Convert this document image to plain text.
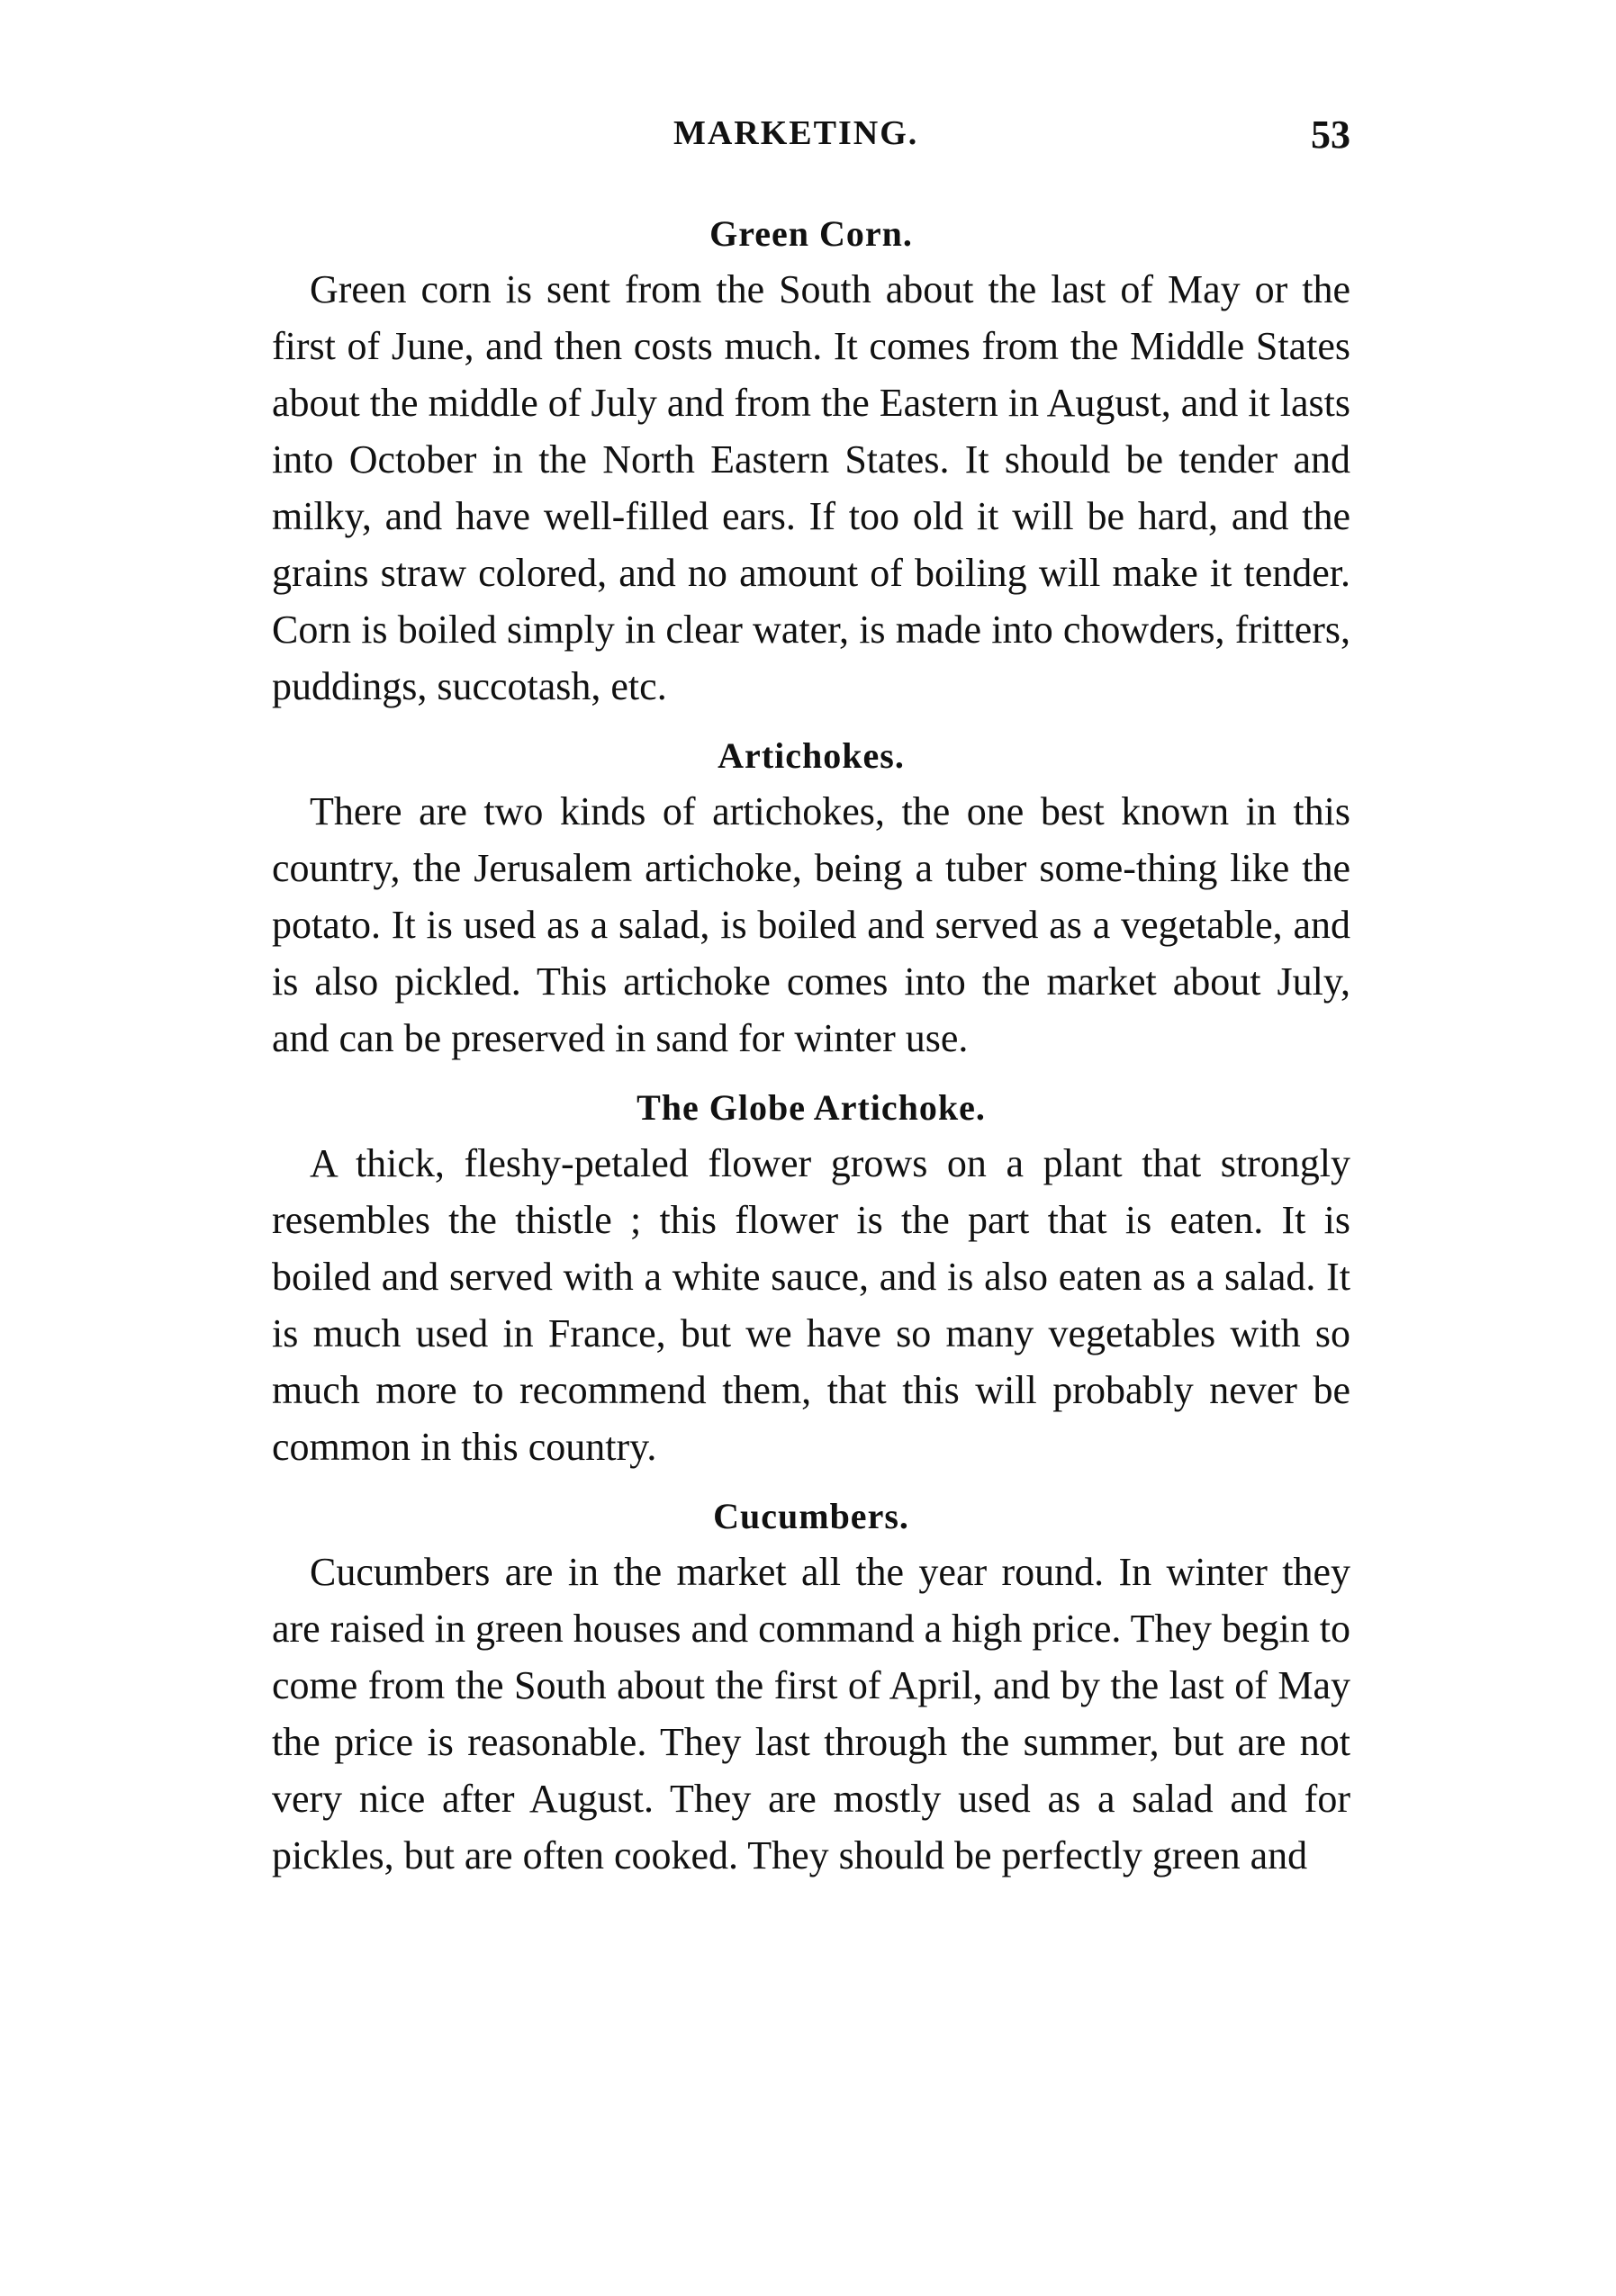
MARKETING.	53
Green Corn.

Green corn is sent from the South about the last of May or the first of June, and then costs much. It comes from the Middle States about the middle of July and from the Eastern in August, and it lasts into October in the North Eastern States. It should be tender and milky, and have well-filled ears. If too old it will be hard, and the grains straw colored, and no amount of boiling will make it tender. Corn is boiled simply in clear water, is made into chowders, fritters, puddings, succotash, etc.

Artichokes.

There are two kinds of artichokes, the one best known in this country, the Jerusalem artichoke, being a tuber some-thing like the potato. It is used as a salad, is boiled and served as a vegetable, and is also pickled. This artichoke comes into the market about July, and can be preserved in sand for winter use.

The Globe Artichoke.

A thick, fleshy-petaled flower grows on a plant that strongly resembles the thistle ; this flower is the part that is eaten. It is boiled and served with a white sauce, and is also eaten as a salad. It is much used in France, but we have so many vegetables with so much more to recommend them, that this will probably never be common in this country.

Cucumbers.

Cucumbers are in the market all the year round. In winter they are raised in green houses and command a high price. They begin to come from the South about the first of April, and by the last of May the price is reasonable. They last through the summer, but are not very nice after August. They are mostly used as a salad and for pickles, but are often cooked. They should be perfectly green and
